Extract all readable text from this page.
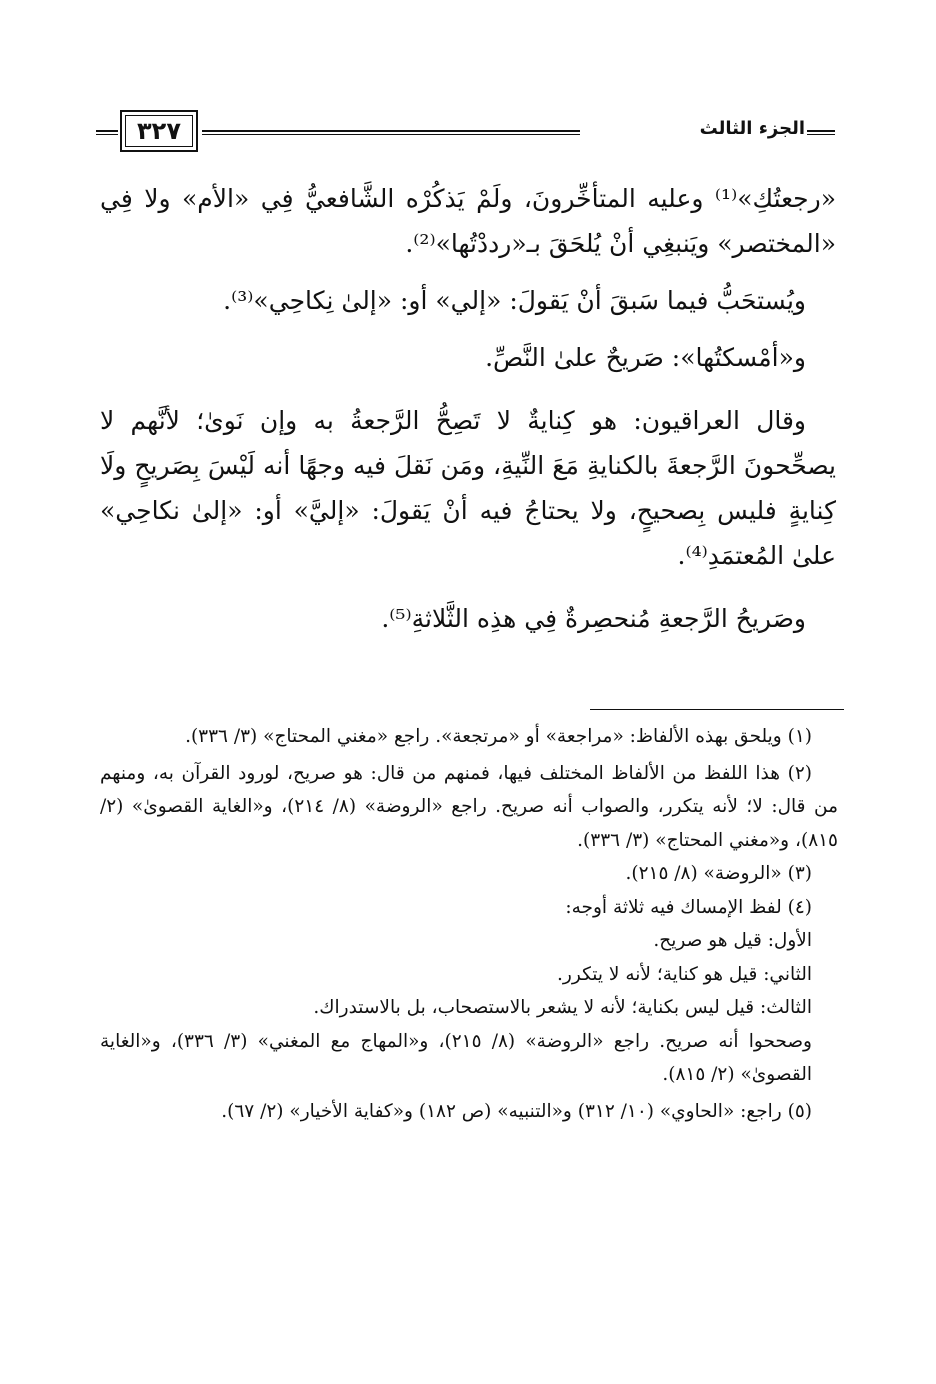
٣٢٧	الجزء الثالث

«رجعتُكِ»⁽¹⁾ وعليه المتأخِّرونَ، ولَمْ يَذكُرْه الشَّافعيُّ فِي «الأم» ولا فِي «المختصر» ويَنبغِي أنْ يُلحَقَ بـ«رددْتُها»⁽²⁾.

ويُستحَبُّ فيما سَبقَ أنْ يَقولَ: «إلي» أو: «إلىٰ نِكاحِي»⁽³⁾.

و«أمْسكتُها»: صَريحٌ علىٰ النَّصِّ.

وقال العراقيون: هو كِنايةٌ لا تَصِحُّ الرَّجعةُ به وإن نَوىٰ؛ لأنَّهم لا يصحِّحونَ الرَّجعةَ بالكنايةِ مَعَ النِّيةِ، ومَن نَقلَ فيه وجهًا أنه لَيْسَ بِصَريحٍ ولَا كِنايةٍ فليس بِصحيحٍ، ولا يحتاجُ فيه أنْ يَقولَ: «إليَّ» أو: «إلىٰ نكاحِي» علىٰ المُعتمَدِ⁽⁴⁾.

وصَريحُ الرَّجعةِ مُنحصِرةٌ فِي هذِه الثَّلاثةِ⁽⁵⁾.

(١) ويلحق بهذه الألفاظ: «مراجعة» أو «مرتجعة». راجع «مغني المحتاج» (٣/ ٣٣٦).

(٢) هذا اللفظ من الألفاظ المختلف فيها، فمنهم من قال: هو صريح، لورود القرآن به، ومنهم من قال: لا؛ لأنه يتكرر، والصواب أنه صريح. راجع «الروضة» (٨/ ٢١٤)، و«الغاية القصوىٰ» (٢/ ٨١٥)، و«مغني المحتاج» (٣/ ٣٣٦).

(٣) «الروضة» (٨/ ٢١٥).

(٤) لفظ الإمساك فيه ثلاثة أوجه:

الأول: قيل هو صريح.

الثاني: قيل هو كناية؛ لأنه لا يتكرر.

الثالث: قيل ليس بكناية؛ لأنه لا يشعر بالاستصحاب، بل بالاستدراك.

وصححوا أنه صريح. راجع «الروضة» (٨/ ٢١٥)، و«المهاج مع المغني» (٣/ ٣٣٦)، و«الغاية القصوىٰ» (٢/ ٨١٥).

(٥) راجع: «الحاوي» (١٠/ ٣١٢) و«التنبيه» (ص ١٨٢) و«كفاية الأخيار» (٢/ ٦٧).
